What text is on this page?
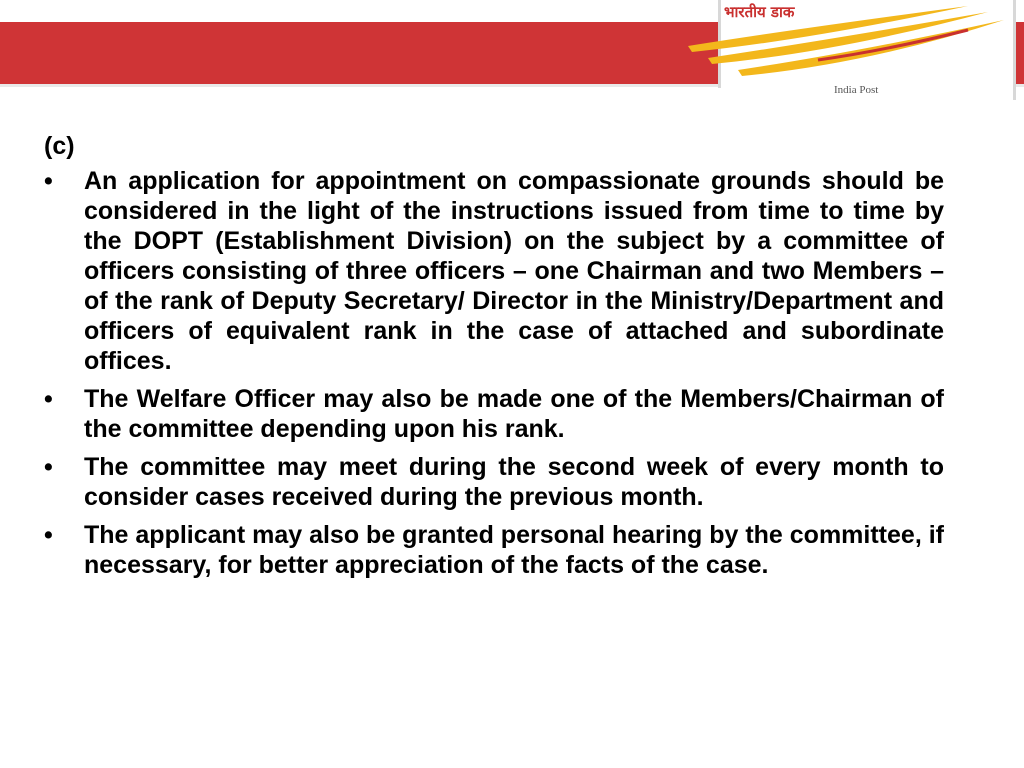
भारतीय डाक
India Post
(c)
• An application for appointment on compassionate grounds should be considered in the light of the instructions issued from time to time by the DOPT (Establishment Division) on the subject by a committee of officers consisting of three officers – one Chairman and two Members – of the rank of Deputy Secretary/ Director in the Ministry/Department and officers of equivalent rank in the case of attached and subordinate offices.
• The Welfare Officer may also be made one of the Members/Chairman of the committee depending upon his rank.
• The committee may meet during the second week of every month to consider cases received during the previous month.
• The applicant may also be granted personal hearing by the committee, if necessary, for better appreciation of the facts of the case.
